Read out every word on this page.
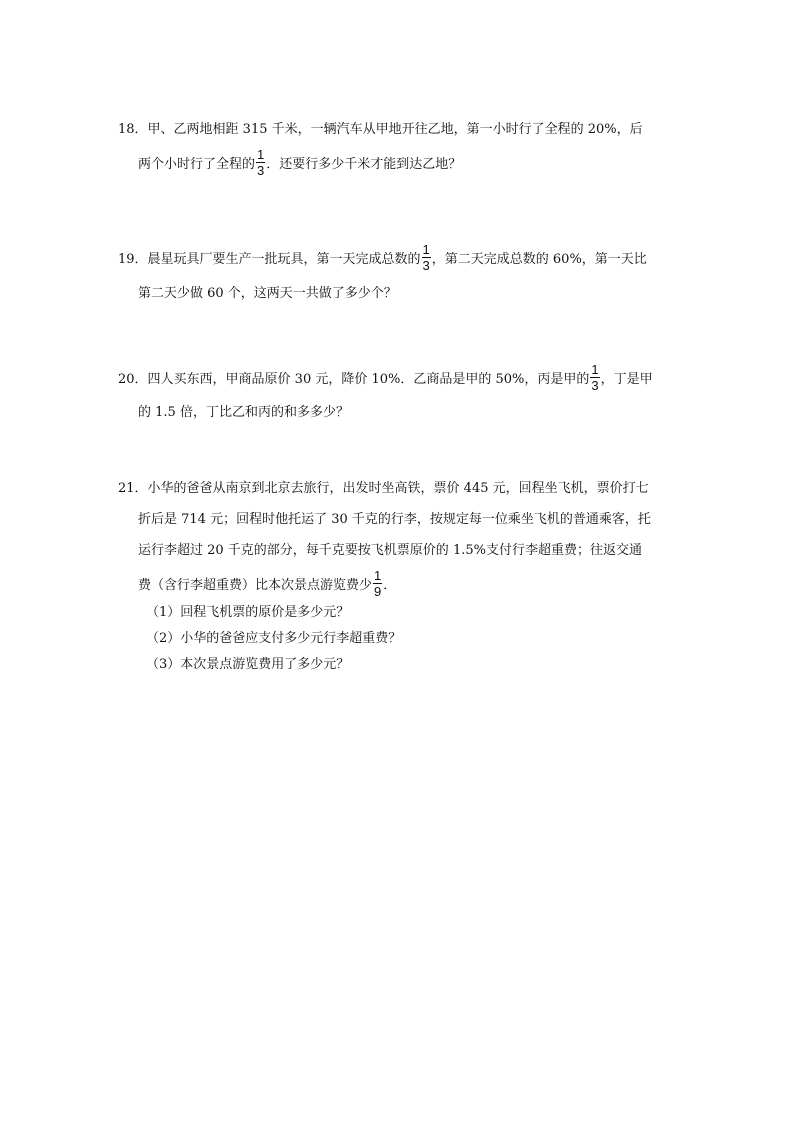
18．甲、乙两地相距 315 千米，一辆汽车从甲地开往乙地，第一小时行了全程的 20%，后
两个小时行了全程的 $\frac{1}{3}$ ．还要行多少千米才能到达乙地？
19．晨星玩具厂要生产一批玩具，第一天完成总数的 $\frac{1}{3}$ ，第二天完成总数的 60%，第一天比
第二天少做 60 个，这两天一共做了多少个？
20．四人买东西，甲商品原价 30 元，降价 10%．乙商品是甲的 50%，丙是甲的 $\frac{1}{3}$ ，丁是甲
的 1.5 倍，丁比乙和丙的和多多少？
21．小华的爸爸从南京到北京去旅行，出发时坐高铁，票价 445 元，回程坐飞机，票价打七
折后是 714 元；回程时他托运了 30 千克的行李，按规定每一位乘坐飞机的普通乘客，托
运行李超过 20 千克的部分，每千克要按飞机票原价的 1.5%支付行李超重费；往返交通
费（含行李超重费）比本次景点游览费少 $\frac{1}{9}$ ．
（1）回程飞机票的原价是多少元？
（2）小华的爸爸应支付多少元行李超重费？
（3）本次景点游览费用了多少元？
